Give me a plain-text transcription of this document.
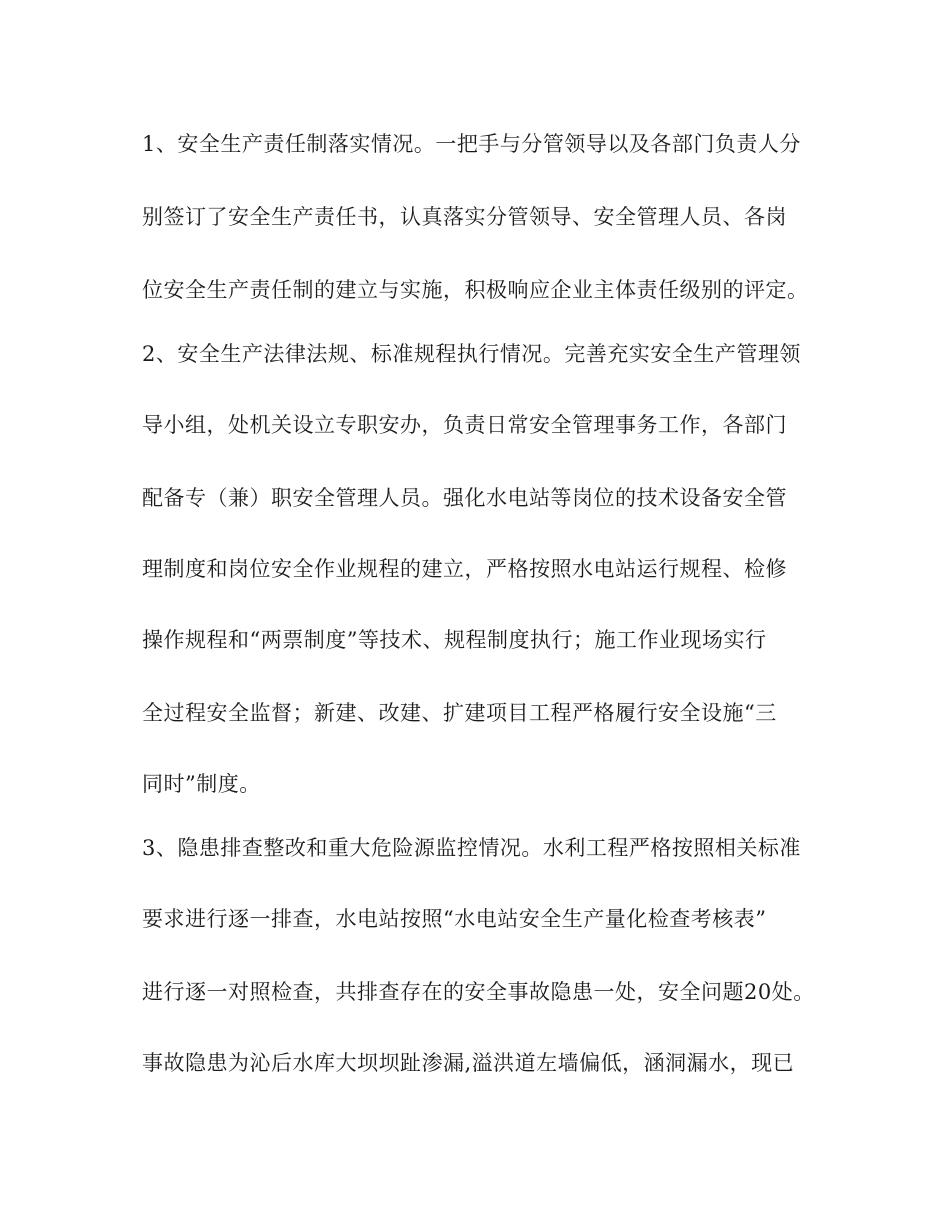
1、安全生产责任制落实情况。一把手与分管领导以及各部门负责人分
别签订了安全生产责任书，认真落实分管领导、安全管理人员、各岗
位安全生产责任制的建立与实施，积极响应企业主体责任级别的评定。
2、安全生产法律法规、标准规程执行情况。完善充实安全生产管理领
导小组，处机关设立专职安办，负责日常安全管理事务工作，各部门
配备专（兼）职安全管理人员。强化水电站等岗位的技术设备安全管
理制度和岗位安全作业规程的建立，严格按照水电站运行规程、检修
操作规程和“两票制度”等技术、规程制度执行；施工作业现场实行
全过程安全监督；新建、改建、扩建项目工程严格履行安全设施“三
同时”制度。
3、隐患排查整改和重大危险源监控情况。水利工程严格按照相关标准
要求进行逐一排查，水电站按照“水电站安全生产量化检查考核表”
进行逐一对照检查，共排查存在的安全事故隐患一处，安全问题20处。
事故隐患为沁后水库大坝坝趾渗漏,溢洪道左墙偏低，涵洞漏水，现已
